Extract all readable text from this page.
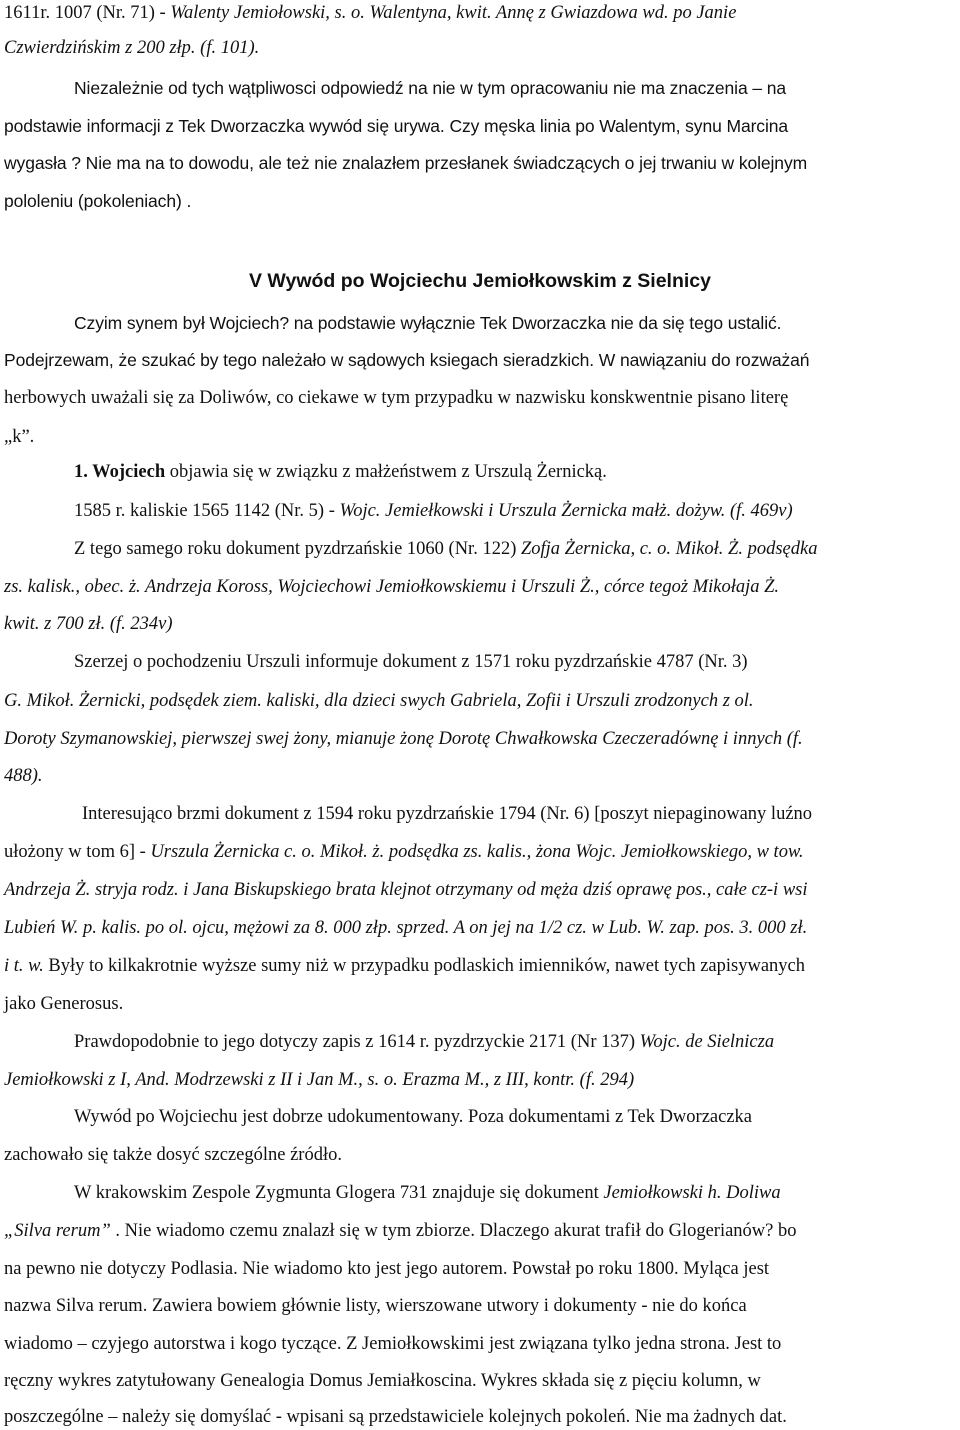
1611r. 1007 (Nr. 71) - Walenty Jemiołowski, s. o. Walentyna, kwit. Annę z Gwiazdowa wd. po Janie
Czwierdzińskim z 200 złp. (f. 101).
Niezależnie od tych wątpliwosci odpowiedź na nie w tym opracowaniu nie ma znaczenia – na
podstawie informacji z Tek Dworzaczka wywód się urywa. Czy męska linia po Walentym, synu Marcina
wygasła ? Nie ma na to dowodu, ale też nie znalazłem przesłanek świadczących o jej trwaniu w kolejnym
pololeniu (pokoleniach) .
V Wywód po Wojciechu Jemiołkowskim z Sielnicy
Czyim synem był Wojciech? na podstawie wyłącznie Tek Dworzaczka nie da się tego ustalić.
Podejrzewam, że szukać by tego należało w sądowych ksiegach sieradzkich. W nawiązaniu do rozważań
herbowych uważali się za Doliwów, co ciekawe w tym przypadku w nazwisku konskwentnie pisano literę
„k”.
1. Wojciech objawia się w związku z małżeństwem z Urszulą Żernicką.
1585 r. kaliskie 1565 1142 (Nr. 5) - Wojc. Jemiełkowski i Urszula Żernicka małż. dożyw. (f. 469v)
Z tego samego roku dokument pyzdrzańskie 1060 (Nr. 122) Zofja Żernicka, c. o. Mikoł. Ż. podsędka
zs. kalisk., obec. ż. Andrzeja Koross, Wojciechowi Jemiołkowskiemu i Urszuli Ż., córce tegoż Mikołaja Ż.
kwit. z 700 zł. (f. 234v)
Szerzej o pochodzeniu Urszuli informuje dokument z 1571 roku pyzdrzańskie 4787 (Nr. 3)
G. Mikoł. Żernicki, podsędek ziem. kaliski, dla dzieci swych Gabriela, Zofii i Urszuli zrodzonych z ol.
Doroty Szymanowskiej, pierwszej swej żony, mianuje żonę Dorotę Chwałkowska Czeczeradównę i innych (f.
488).
Interesująco brzmi dokument z 1594 roku pyzdrzańskie 1794 (Nr. 6) [poszyt niepaginowany luźno
ułożony w tom 6] - Urszula Żernicka c. o. Mikoł. ż. podsędka zs. kalis., żona Wojc. Jemiołkowskiego, w tow.
Andrzeja Ż. stryja rodz. i Jana Biskupskiego brata klejnot otrzymany od męża dziś oprawę pos., całe cz-i wsi
Lubień W. p. kalis. po ol. ojcu, mężowi za 8. 000 złp. sprzed. A on jej na 1/2 cz. w Lub. W. zap. pos. 3. 000 zł.
i t. w. Były to kilkakrotnie wyższe sumy niż w przypadku podlaskich imienników, nawet tych zapisywanych
jako Generosus.
Prawdopodobnie to jego dotyczy zapis z 1614 r. pyzdrzyckie 2171 (Nr 137) Wojc. de Sielnicza
Jemiołkowski z I, And. Modrzewski z II i Jan M., s. o. Erazma M., z III, kontr. (f. 294)
Wywód po Wojciechu jest dobrze udokumentowany. Poza dokumentami z Tek Dworzaczka
zachowało się także dosyć szczególne źródło.
W krakowskim Zespole Zygmunta Glogera 731 znajduje się dokument Jemiołkowski h. Doliwa
„Silva rerum” . Nie wiadomo czemu znalazł się w tym zbiorze. Dlaczego akurat trafił do Glogerianów? bo
na pewno nie dotyczy Podlasia. Nie wiadomo kto jest jego autorem. Powstał po roku 1800. Myląca jest
nazwa Silva rerum. Zawiera bowiem głównie listy, wierszowane utwory i dokumenty - nie do końca
wiadomo – czyjego autorstwa i kogo tyczące. Z Jemiołkowskimi jest związana tylko jedna strona. Jest to
ręczny wykres zatytułowany Genealogia Domus Jemiałkoscina. Wykres składa się z pięciu kolumn, w
poszczególne – należy się domyślać - wpisani są przedstawiciele kolejnych pokoleń. Nie ma żadnych dat.
